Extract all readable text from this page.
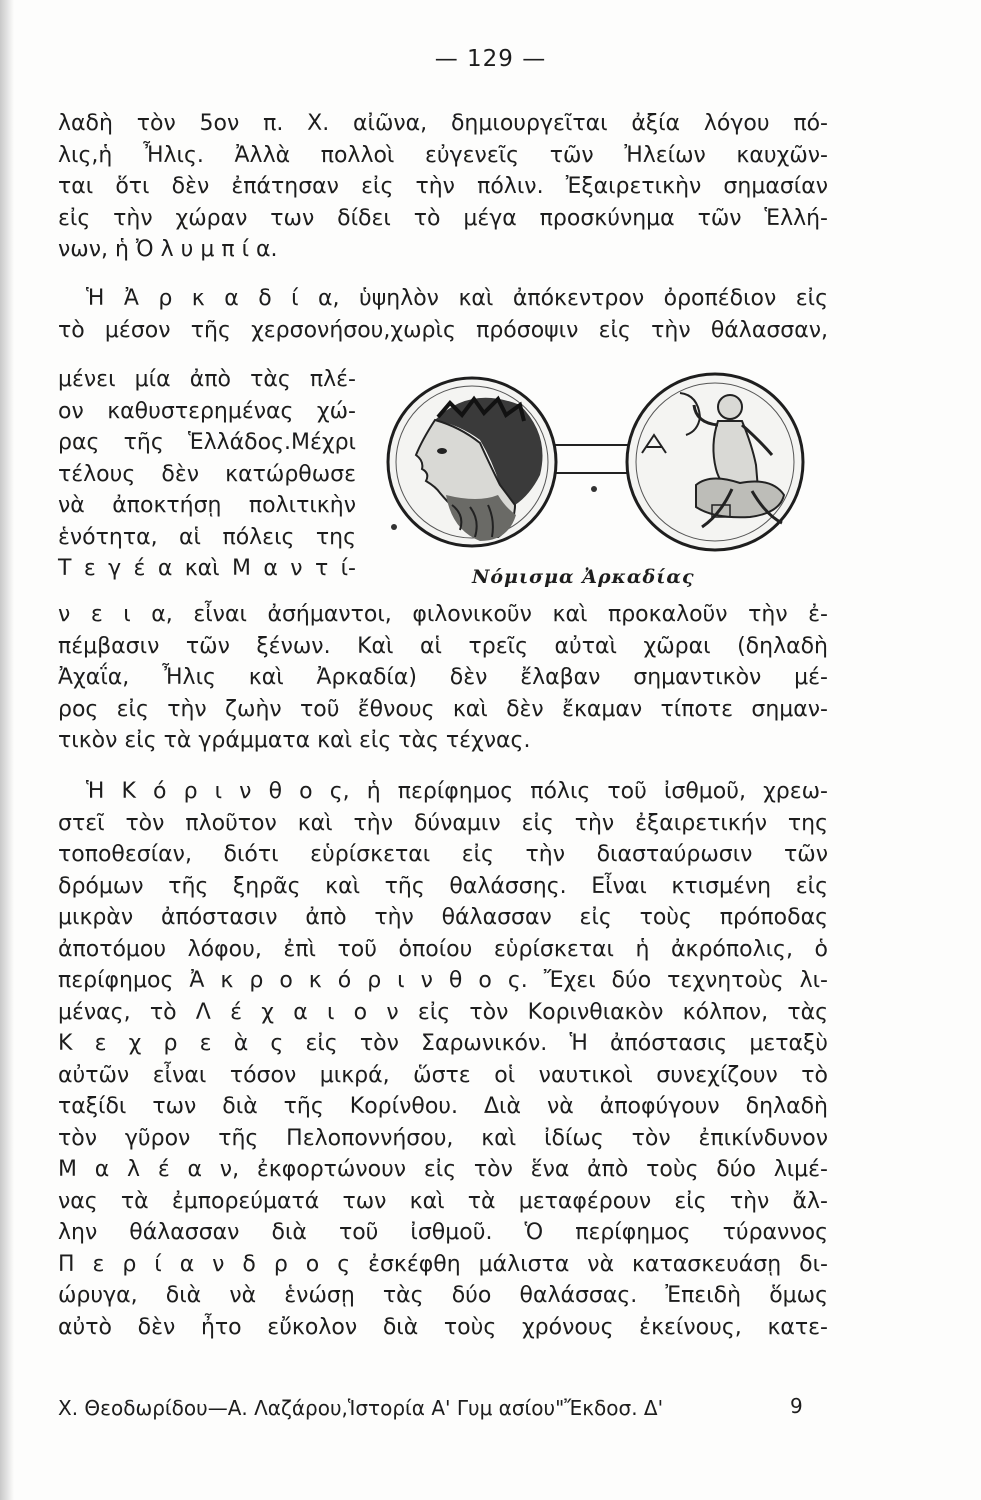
— 129 —
λαδὴ τὸν 5ον π. Χ. αἰῶνα, δημιουργεῖται ἀξία λόγου πό-
λις,ἡ Ἦλις. Ἀλλὰ πολλοὶ εὐγενεῖς τῶν Ἠλείων καυχῶν-
ται ὅτι δὲν ἐπάτησαν εἰς τὴν πόλιν. Ἐξαιρετικὴν σημασίαν
εἰς τὴν χώραν των δίδει τὸ μέγα προσκύνημα τῶν Ἑλλή-
νων, ἡ Ὀ λ υ μ π ί α.
Ἡ Ἀ ρ κ α δ ί α, ὑψηλὸν καὶ ἀπόκεντρον ὀροπέδιον εἰς
τὸ μέσον τῆς χερσονήσου,χωρὶς πρόσοψιν εἰς τὴν θάλασσαν,
μένει μία ἀπὸ τὰς πλέ-
ον καθυστερημένας χώ-
ρας τῆς Ἑλλάδος.Μέχρι
τέλους δὲν κατώρθωσε
νὰ ἀποκτήσῃ πολιτικὴν
ἑνότητα, αἱ πόλεις της
Τ ε γ έ α καὶ Μ α ν τ ί-	Νόμισμα Ἀρκαδίας
ν ε ι α, εἶναι ἀσήμαντοι, φιλονικοῦν καὶ προκαλοῦν τὴν ἐ-
πέμβασιν τῶν ξένων. Καὶ αἱ τρεῖς αὐταὶ χῶραι (δηλαδὴ
Ἀχαΐα, Ἦλις καὶ Ἀρκαδία) δὲν ἔλαβαν σημαντικὸν μέ-
ρος εἰς τὴν ζωὴν τοῦ ἔθνους καὶ δὲν ἔκαμαν τίποτε σημαν-
τικὸν εἰς τὰ γράμματα καὶ εἰς τὰς τέχνας.
Ἡ Κ ό ρ ι ν θ ο ς, ἡ περίφημος πόλις τοῦ ἰσθμοῦ, χρεω-
στεῖ τὸν πλοῦτον καὶ τὴν δύναμιν εἰς τὴν ἐξαιρετικήν της
τοποθεσίαν, διότι εὑρίσκεται εἰς τὴν διασταύρωσιν τῶν
δρόμων τῆς ξηρᾶς καὶ τῆς θαλάσσης. Εἶναι κτισμένη εἰς
μικρὰν ἀπόστασιν ἀπὸ τὴν θάλασσαν εἰς τοὺς πρόποδας
ἀποτόμου λόφου, ἐπὶ τοῦ ὁποίου εὑρίσκεται ἡ ἀκρόπολις, ὁ
περίφημος Ἀ κ ρ ο κ ό ρ ι ν θ ο ς. Ἔχει δύο τεχνητοὺς λι-
μένας, τὸ Λ έ χ α ι ο ν εἰς τὸν Κορινθιακὸν κόλπον, τὰς
Κ ε χ ρ ε ὰ ς εἰς τὸν Σαρωνικόν. Ἡ ἀπόστασις μεταξὺ
αὐτῶν εἶναι τόσον μικρά, ὥστε οἱ ναυτικοὶ συνεχίζουν τὸ
ταξίδι των διὰ τῆς Κορίνθου. Διὰ νὰ ἀποφύγουν δηλαδὴ
τὸν γῦρον τῆς Πελοποννήσου, καὶ ἰδίως τὸν ἐπικίνδυνον
Μ α λ έ α ν, ἐκφορτώνουν εἰς τὸν ἕνα ἀπὸ τοὺς δύο λιμέ-
νας τὰ ἐμπορεύματά των καὶ τὰ μεταφέρουν εἰς τὴν ἄλ-
λην θάλασσαν διὰ τοῦ ἰσθμοῦ. Ὁ περίφημος τύραννος
Π ε ρ ί α ν δ ρ ο ς ἐσκέφθη μάλιστα νὰ κατασκευάσῃ δι-
ώρυγα, διὰ νὰ ἑνώσῃ τὰς δύο θαλάσσας. Ἐπειδὴ ὅμως
αὐτὸ δὲν ἦτο εὔκολον διὰ τοὺς χρόνους ἐκείνους, κατε-
Χ. Θεοδωρίδου—Α. Λαζάρου,Ἱστορία Α' Γυμ ασίου"Ἔκδοσ. Δ'	9
